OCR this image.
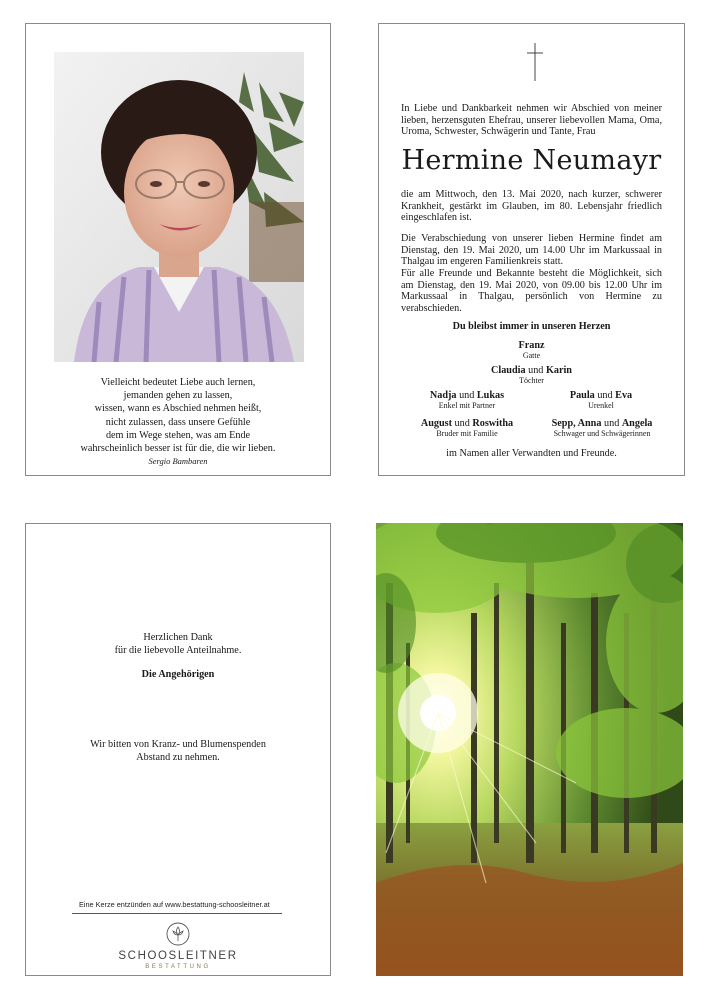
Vielleicht bedeutet Liebe auch lernen,
jemanden gehen zu lassen,
wissen, wann es Abschied nehmen heißt,
nicht zulassen, dass unsere Gefühle
dem im Wege stehen, was am Ende
wahrscheinlich besser ist für die, die wir lieben.
Sergio Bambaren
In Liebe und Dankbarkeit nehmen wir Abschied von meiner lieben, herzensguten Ehefrau, unserer liebevollen Mama, Oma, Uroma, Schwester, Schwägerin und Tante, Frau
Hermine Neumayr
die am Mittwoch, den 13. Mai 2020, nach kurzer, schwerer Krankheit, gestärkt im Glauben, im 80. Lebensjahr friedlich eingeschlafen ist.
Die Verabschiedung von unserer lieben Hermine findet am Dienstag, den 19. Mai 2020, um 14.00 Uhr im Markussaal in Thalgau im engeren Familienkreis statt.
Für alle Freunde und Bekannte besteht die Möglichkeit, sich am Dienstag, den 19. Mai 2020, von 09.00 bis 12.00 Uhr im Markussaal in Thalgau, persönlich von Hermine zu verabschieden.
Du bleibst immer in unseren Herzen
Franz
Gatte
Claudia und Karin
Töchter
Nadja und Lukas
Enkel mit Partner
Paula und Eva
Urenkel
August und Roswitha
Bruder mit Familie
Sepp, Anna und Angela
Schwager und Schwägerinnen
im Namen aller Verwandten und Freunde.
Herzlichen Dank
für die liebevolle Anteilnahme.
Die Angehörigen
Wir bitten von Kranz- und Blumenspenden
Abstand zu nehmen.
Eine Kerze entzünden auf www.bestattung-schoosleitner.at
SCHOOSLEITNER
BESTATTUNG
